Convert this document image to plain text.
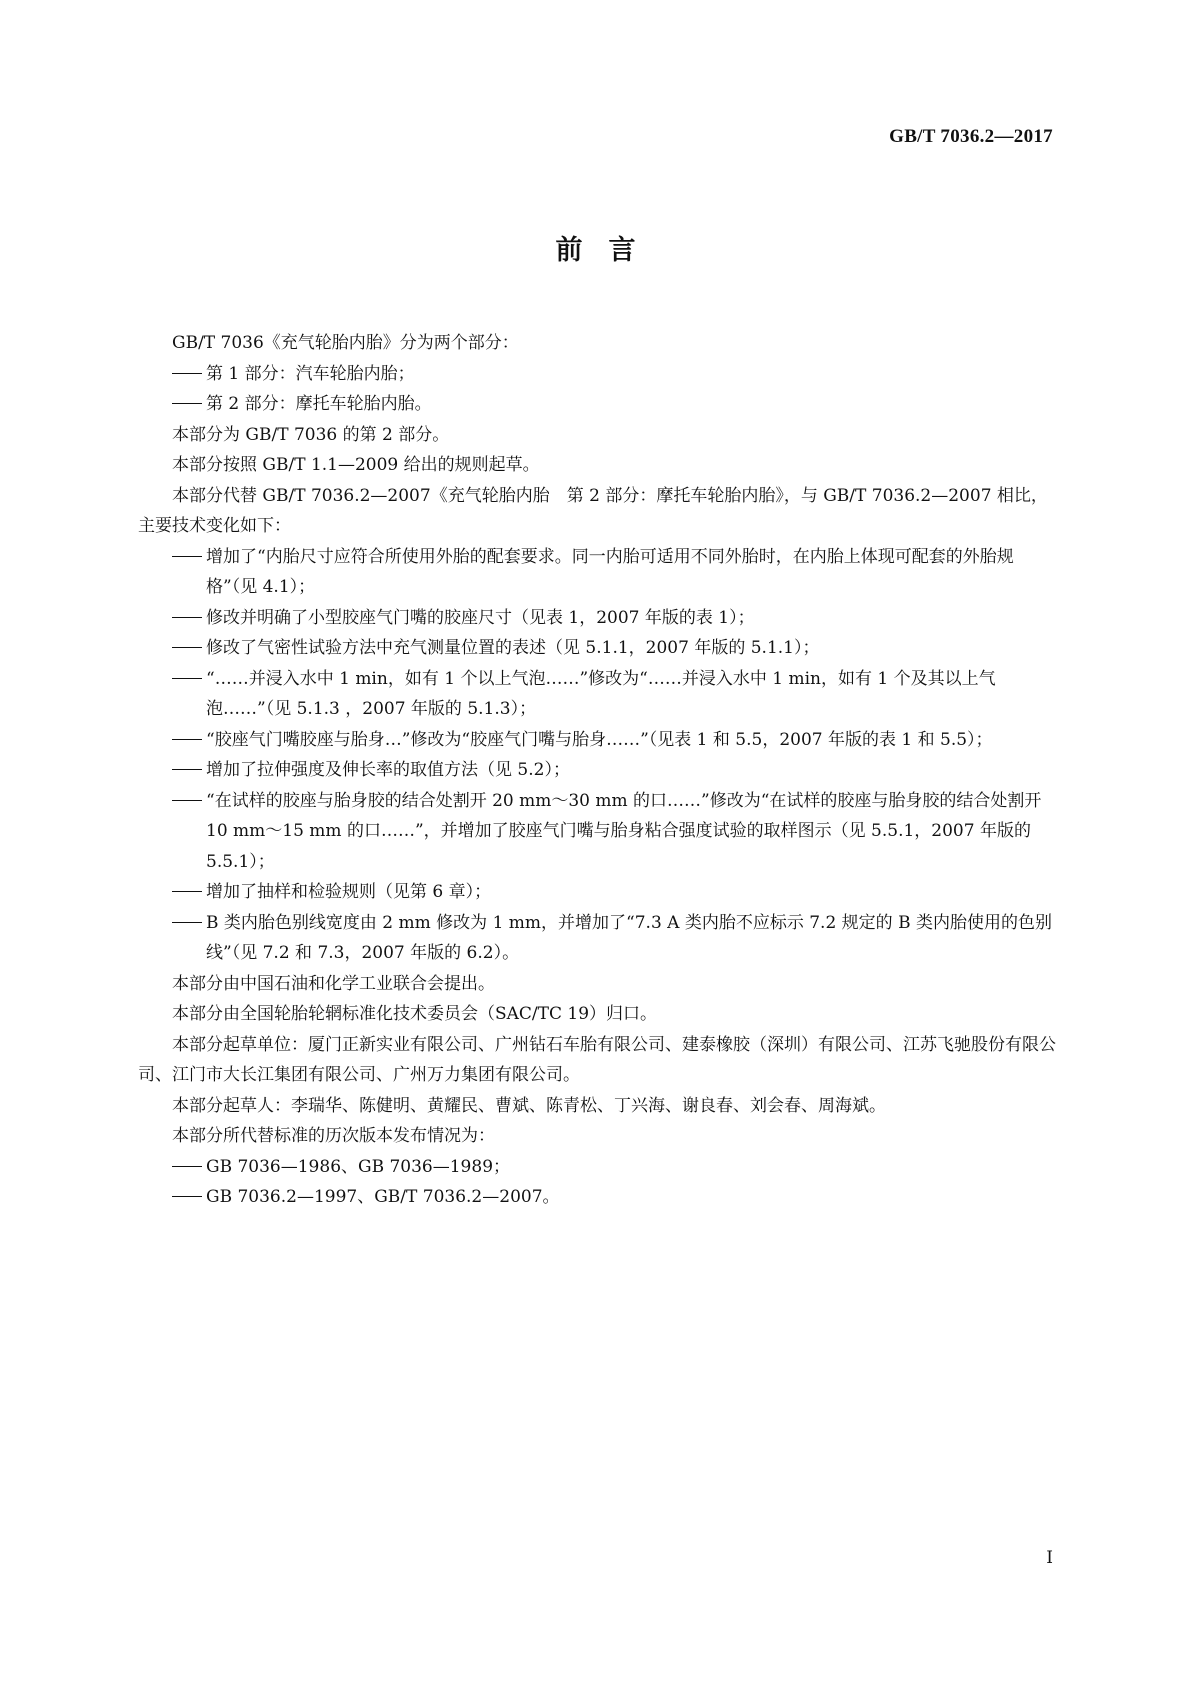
GB/T 7036.2—2017
前言

GB/T 7036《充气轮胎内胎》分为两个部分：

第 1 部分：汽车轮胎内胎；

第 2 部分：摩托车轮胎内胎。

本部分为 GB/T 7036 的第 2 部分。

本部分按照 GB/T 1.1—2009 给出的规则起草。

本部分代替 GB/T 7036.2—2007《充气轮胎内胎　第 2 部分：摩托车轮胎内胎》，与 GB/T 7036.2—2007 相比，主要技术变化如下：

增加了“内胎尺寸应符合所使用外胎的配套要求。同一内胎可适用不同外胎时，在内胎上体现可配套的外胎规格”（见 4.1）；

修改并明确了小型胶座气门嘴的胶座尺寸（见表 1，2007 年版的表 1）；

修改了气密性试验方法中充气测量位置的表述（见 5.1.1，2007 年版的 5.1.1）；

“……并浸入水中 1 min，如有 1 个以上气泡……”修改为“……并浸入水中 1 min，如有 1 个及其以上气泡……”（见 5.1.3 ，2007 年版的 5.1.3）；

“胶座气门嘴胶座与胎身…”修改为“胶座气门嘴与胎身……”（见表 1 和 5.5，2007 年版的表 1 和 5.5）；

增加了拉伸强度及伸长率的取值方法（见 5.2）；

“在试样的胶座与胎身胶的结合处割开 20 mm～30 mm 的口……”修改为“在试样的胶座与胎身胶的结合处割开 10 mm～15 mm 的口……”，并增加了胶座气门嘴与胎身粘合强度试验的取样图示（见 5.5.1，2007 年版的 5.5.1）；

增加了抽样和检验规则（见第 6 章）；

B 类内胎色别线宽度由 2 mm 修改为 1 mm，并增加了“7.3 A 类内胎不应标示 7.2 规定的 B 类内胎使用的色别线”（见 7.2 和 7.3，2007 年版的 6.2）。

本部分由中国石油和化学工业联合会提出。

本部分由全国轮胎轮辋标准化技术委员会（SAC/TC 19）归口。

本部分起草单位：厦门正新实业有限公司、广州钻石车胎有限公司、建泰橡胶（深圳）有限公司、江苏飞驰股份有限公司、江门市大长江集团有限公司、广州万力集团有限公司。

本部分起草人：李瑞华、陈健明、黄耀民、曹斌、陈青松、丁兴海、谢良春、刘会春、周海斌。

本部分所代替标准的历次版本发布情况为：

GB 7036—1986、GB 7036—1989；

GB 7036.2—1997、GB/T 7036.2—2007。

I
